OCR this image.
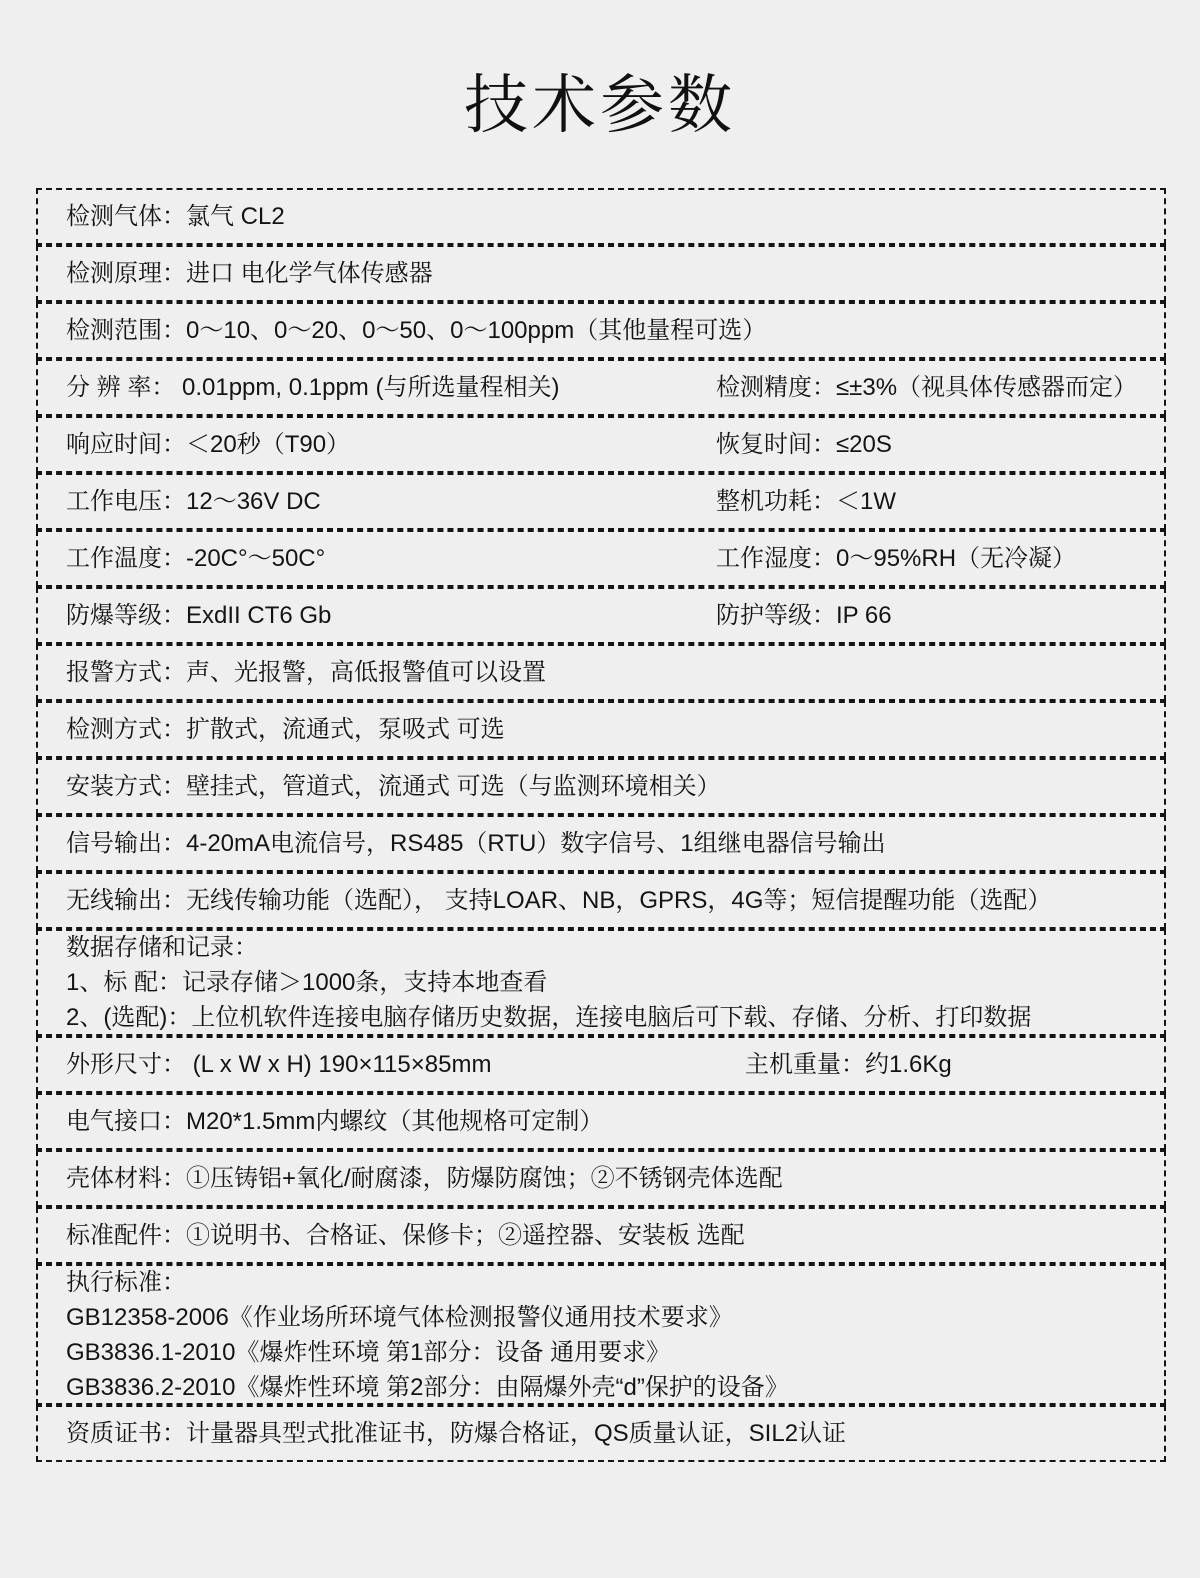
技术参数
检测气体：氯气 CL2
检测原理：进口 电化学气体传感器
检测范围：0～10、0～20、0～50、0～100ppm（其他量程可选）
分 辨 率： 0.01ppm, 0.1ppm (与所选量程相关)	检测精度：≤±3%（视具体传感器而定）
响应时间：＜20秒（T90）	恢复时间：≤20S
工作电压：12～36V DC	整机功耗：＜1W
工作温度：-20C°～50C°	工作湿度：0～95%RH（无冷凝）
防爆等级：ExdII CT6 Gb	防护等级：IP 66
报警方式：声、光报警，高低报警值可以设置
检测方式：扩散式，流通式，泵吸式 可选
安装方式：壁挂式，管道式，流通式 可选（与监测环境相关）
信号输出：4-20mA电流信号，RS485（RTU）数字信号、1组继电器信号输出
无线输出：无线传输功能（选配）， 支持LOAR、NB，GPRS，4G等；短信提醒功能（选配）
数据存储和记录：
1、标 配：记录存储＞1000条，支持本地查看
2、(选配)：上位机软件连接电脑存储历史数据，连接电脑后可下载、存储、分析、打印数据
外形尺寸： (L x W x H) 190×115×85mm	主机重量：约1.6Kg
电气接口：M20*1.5mm内螺纹（其他规格可定制）
壳体材料：①压铸铝+氧化/耐腐漆，防爆防腐蚀；②不锈钢壳体选配
标准配件：①说明书、合格证、保修卡；②遥控器、安装板 选配
执行标准：
GB12358-2006《作业场所环境气体检测报警仪通用技术要求》
GB3836.1-2010《爆炸性环境 第1部分：设备 通用要求》
GB3836.2-2010《爆炸性环境 第2部分：由隔爆外壳“d”保护的设备》
资质证书：计量器具型式批准证书，防爆合格证，QS质量认证，SIL2认证
